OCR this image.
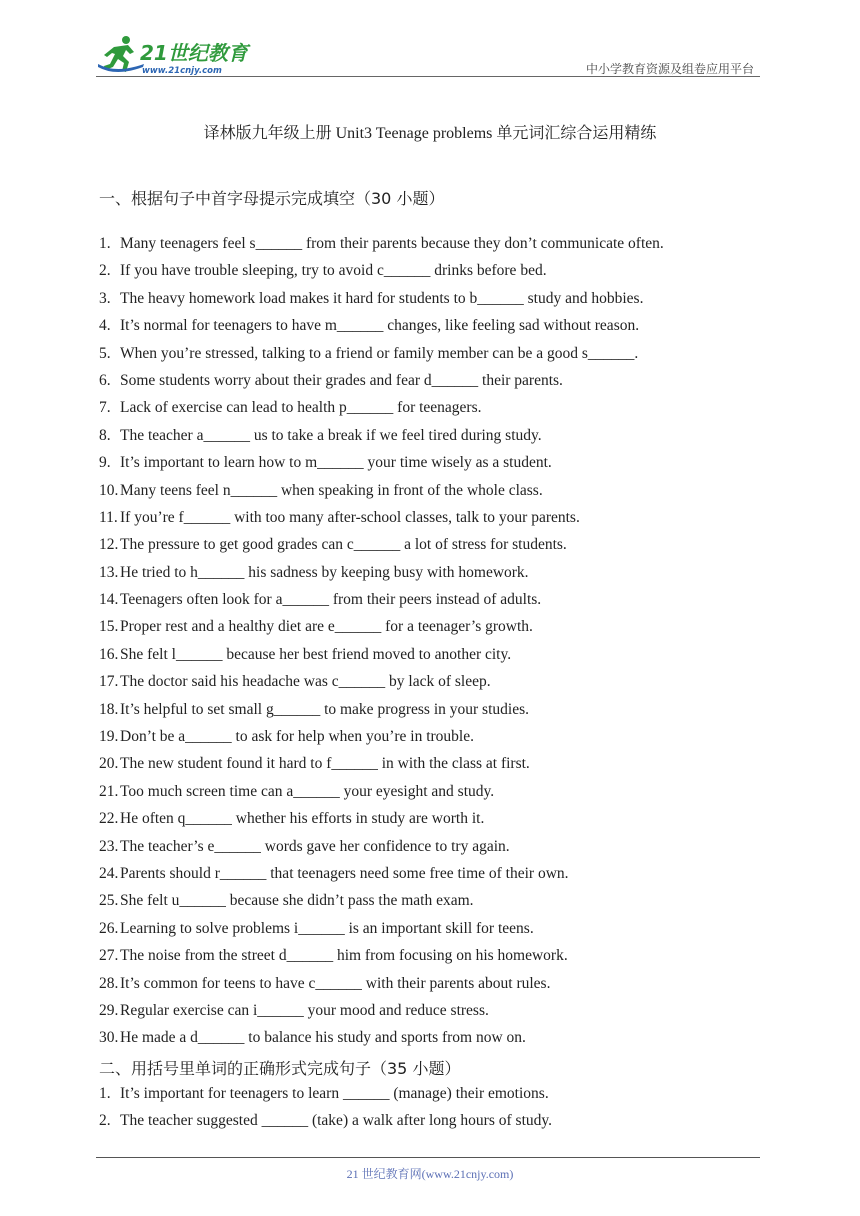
21世纪教育
www.21cnjy.com	中小学教育资源及组卷应用平台
译林版九年级上册 Unit3 Teenage problems 单元词汇综合运用精练
一、根据句子中首字母提示完成填空（30 小题）
1. Many teenagers feel s______ from their parents because they don’t communicate often.
2. If you have trouble sleeping, try to avoid c______ drinks before bed.
3. The heavy homework load makes it hard for students to b______ study and hobbies.
4. It’s normal for teenagers to have m______ changes, like feeling sad without reason.
5. When you’re stressed, talking to a friend or family member can be a good s______.
6. Some students worry about their grades and fear d______ their parents.
7. Lack of exercise can lead to health p______ for teenagers.
8. The teacher a______ us to take a break if we feel tired during study.
9. It’s important to learn how to m______ your time wisely as a student.
10. Many teens feel n______ when speaking in front of the whole class.
11. If you’re f______ with too many after-school classes, talk to your parents.
12. The pressure to get good grades can c______ a lot of stress for students.
13. He tried to h______ his sadness by keeping busy with homework.
14. Teenagers often look for a______ from their peers instead of adults.
15. Proper rest and a healthy diet are e______ for a teenager’s growth.
16. She felt l______ because her best friend moved to another city.
17. The doctor said his headache was c______ by lack of sleep.
18. It’s helpful to set small g______ to make progress in your studies.
19. Don’t be a______ to ask for help when you’re in trouble.
20. The new student found it hard to f______ in with the class at first.
21. Too much screen time can a______ your eyesight and study.
22. He often q______ whether his efforts in study are worth it.
23. The teacher’s e______ words gave her confidence to try again.
24. Parents should r______ that teenagers need some free time of their own.
25. She felt u______ because she didn’t pass the math exam.
26. Learning to solve problems i______ is an important skill for teens.
27. The noise from the street d______ him from focusing on his homework.
28. It’s common for teens to have c______ with their parents about rules.
29. Regular exercise can i______ your mood and reduce stress.
30. He made a d______ to balance his study and sports from now on.
二、用括号里单词的正确形式完成句子（35 小题）
1. It’s important for teenagers to learn ______ (manage) their emotions.
2. The teacher suggested ______ (take) a walk after long hours of study.
21 世纪教育网(www.21cnjy.com)
